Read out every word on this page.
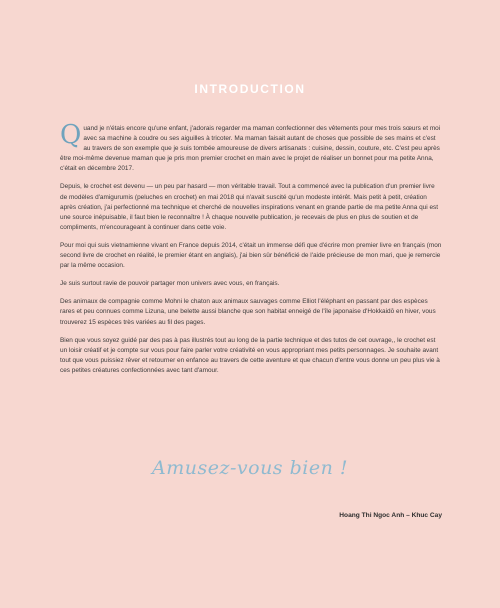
INTRODUCTION

Quand je n'étais encore qu'une enfant, j'adorais regarder ma maman confectionner des vêtements pour mes trois sœurs et moi avec sa machine à coudre ou ses aiguilles à tricoter. Ma maman faisait autant de choses que possible de ses mains et c'est au travers de son exemple que je suis tombée amoureuse de divers artisanats : cuisine, dessin, couture, etc. C'est peu après être moi-même devenue maman que je pris mon premier crochet en main avec le projet de réaliser un bonnet pour ma petite Anna, c'était en décembre 2017.

Depuis, le crochet est devenu — un peu par hasard — mon véritable travail. Tout a commencé avec la publication d'un premier livre de modèles d'amigurumis (peluches en crochet) en mai 2018 qui n'avait suscité qu'un modeste intérêt. Mais petit à petit, création après création, j'ai perfectionné ma technique et cherché de nouvelles inspirations venant en grande partie de ma petite Anna qui est une source inépuisable, il faut bien le reconnaître ! À chaque nouvelle publication, je recevais de plus en plus de soutien et de compliments, m'encourageant à continuer dans cette voie.

Pour moi qui suis vietnamienne vivant en France depuis 2014, c'était un immense défi que d'écrire mon premier livre en français (mon second livre de crochet en réalité, le premier étant en anglais), j'ai bien sûr bénéficié de l'aide précieuse de mon mari, que je remercie par la même occasion.

Je suis surtout ravie de pouvoir partager mon univers avec vous, en français.

Des animaux de compagnie comme Mohni le chaton aux animaux sauvages comme Elliot l'éléphant en passant par des espèces rares et peu connues comme Lizuna, une belette aussi blanche que son habitat enneigé de l'île japonaise d'Hokkaidō en hiver, vous trouverez 15 espèces très variées au fil des pages.

Bien que vous soyez guidé par des pas à pas illustrés tout au long de la partie technique et des tutos de cet ouvrage,, le crochet est un loisir créatif et je compte sur vous pour faire parler votre créativité en vous appropriant mes petits personnages. Je souhaite avant tout que vous puissiez rêver et retourner en enfance au travers de cette aventure et que chacun d'entre vous donne un peu plus vie à ces petites créatures confectionnées avec tant d'amour.

Amusez-vous bien !
Hoang Thi Ngoc Anh – Khuc Cay
